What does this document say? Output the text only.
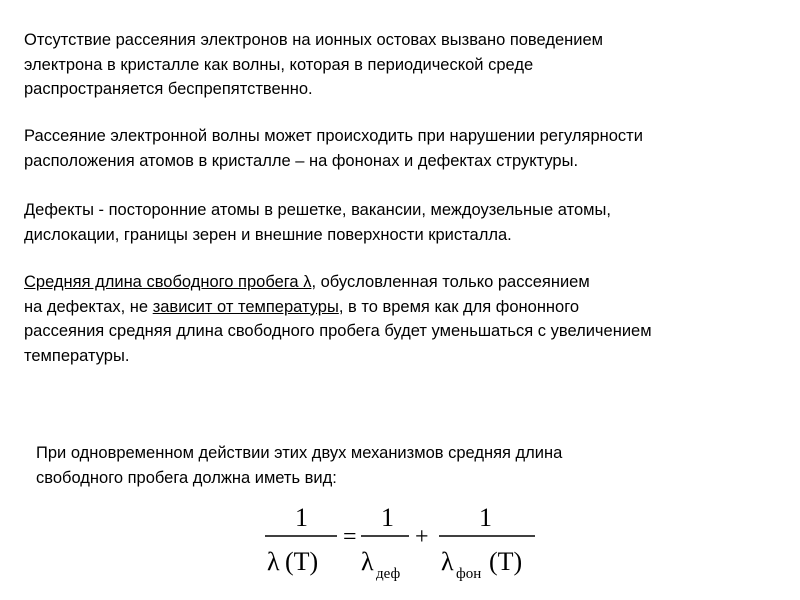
Отсутствие рассеяния электронов на ионных остовах вызвано поведением
электрона в кристалле как волны, которая в периодической среде
распространяется беспрепятственно.

Рассеяние электронной волны может происходить при нарушении регулярности
расположения атомов в кристалле – на фононах и дефектах структуры.

Дефекты - посторонние атомы в решетке, вакансии, междоузельные атомы,
дислокации, границы зерен и внешние поверхности кристалла.

Средняя длина свободного пробега λ, обусловленная только рассеянием
на дефектах, не зависит от температуры, в то время как для фононного
рассеяния средняя длина свободного пробега будет уменьшаться с увеличением
температуры.

При одновременном действии этих двух механизмов средняя длина
свободного пробега должна иметь вид:

1
λ (T)
=
1
λ деф
+
1
λ фон (T)
